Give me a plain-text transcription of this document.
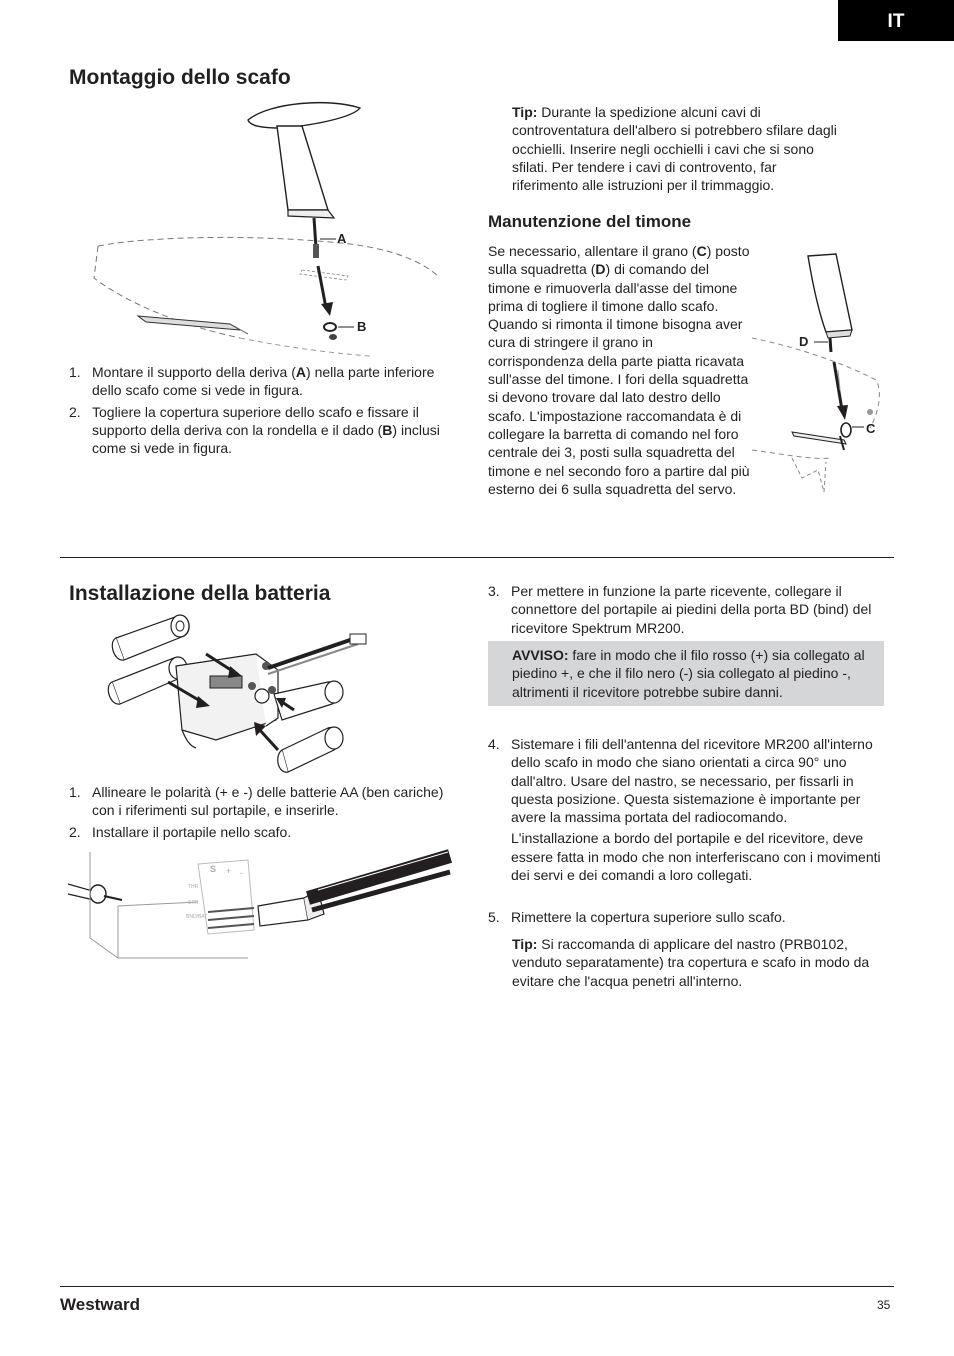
IT
Montaggio dello scafo
A
B
1. Montare il supporto della deriva (A) nella parte inferiore dello scafo come si vede in figura.
2. Togliere la copertura superiore dello scafo e fissare il supporto della deriva con la rondella e il dado (B) inclusi come si vede in figura.

Tip: Durante la spedizione alcuni cavi di controventatura dell'albero si potrebbero sfilare dagli occhielli. Inserire negli occhielli i cavi che si sono sfilati. Per tendere i cavi di controvento, far riferimento alle istruzioni per il trimmaggio.

Manutenzione del timone

Se necessario, allentare il grano (C) posto sulla squadretta (D) di comando del timone e rimuoverla dall'asse del timone prima di togliere il timone dallo scafo. Quando si rimonta il timone bisogna aver cura di stringere il grano in corrispondenza della parte piatta ricavata sull'asse del timone. I fori della squadretta si devono trovare dal lato destro dello scafo. L'impostazione raccomandata è di collegare la barretta di comando nel foro centrale dei 3, posti sulla squadretta del timone e nel secondo foro a partire dal più esterno dei 6 sulla squadretta del servo.

D
C
Installazione della batteria
1. Allineare le polarità (+ e -) delle batterie AA (ben cariche) con i riferimenti sul portapile, e inserirle.
2. Installare il portapile nello scafo.
THR
STR
BND/BAT
S + -
3. Per mettere in funzione la parte ricevente, collegare il connettore del portapile ai piedini della porta BD (bind) del ricevitore Spektrum MR200.
AVVISO: fare in modo che il filo rosso (+) sia collegato al piedino +, e che il filo nero (-) sia collegato al piedino -, altrimenti il ricevitore potrebbe subire danni.
4. Sistemare i fili dell'antenna del ricevitore MR200 all'interno dello scafo in modo che siano orientati a circa 90° uno dall'altro. Usare del nastro, se necessario, per fissarli in questa posizione. Questa sistemazione è importante per avere la massima portata del radiocomando.

L'installazione a bordo del portapile e del ricevitore, deve essere fatta in modo che non interferiscano con i movimenti dei servi e dei comandi a loro collegati.

5. Rimettere la copertura superiore sullo scafo.

Tip: Si raccomanda di applicare del nastro (PRB0102, venduto separatamente) tra copertura e scafo in modo da evitare che l'acqua penetri all'interno.

Westward	35
